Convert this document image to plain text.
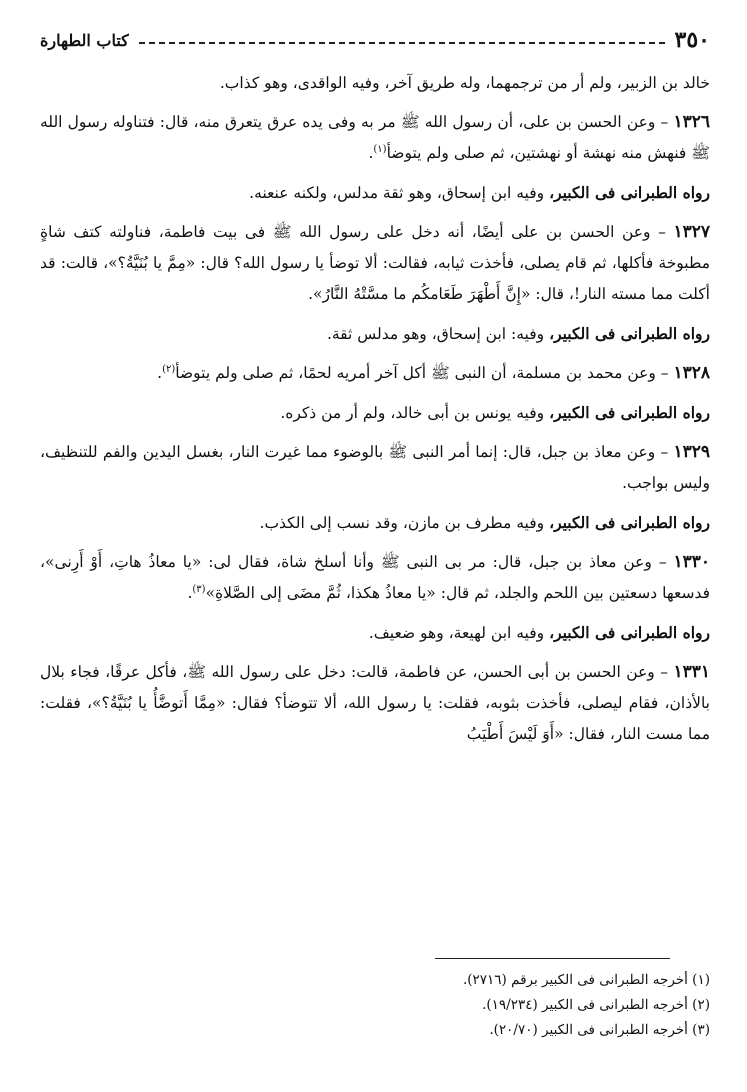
٣٥٠
كتاب الطهارة

خالد بن الزبير، ولم أر من ترجمهما، وله طريق آخر، وفيه الواقدى، وهو كذاب.

١٣٢٦ – وعن الحسن بن على، أن رسول الله ﷺ مر به وفى يده عرق يتعرق منه، قال: فتناوله رسول الله ﷺ فنهش منه نهشة أو نهشتين، ثم صلى ولم يتوضأ$^{(١)}$.

رواه الطبرانى فى الكبير، وفيه ابن إسحاق، وهو ثقة مدلس، ولكنه عنعنه.

١٣٢٧ – وعن الحسن بن على أيضًا، أنه دخل على رسول الله ﷺ فى بيت فاطمة، فناولته كتف شاةٍ مطبوخة فأكلها، ثم قام يصلى، فأخذت ثيابه، فقالت: ألا توضأ يا رسول الله؟ قال: «مِمَّ يا بُنَيَّةُ؟»، قالت: قد أكلت مما مسته النار!، قال: «إِنَّ أَطْهَرَ طَعَامكُم ما مسَّتْهُ النَّارُ».

رواه الطبرانى فى الكبير، وفيه: ابن إسحاق، وهو مدلس ثقة.

١٣٢٨ – وعن محمد بن مسلمة، أن النبى ﷺ أكل آخر أمريه لحمًا، ثم صلى ولم يتوضأ$^{(٢)}$.

رواه الطبرانى فى الكبير، وفيه يونس بن أبى خالد، ولم أر من ذكره.

١٣٢٩ – وعن معاذ بن جبل، قال: إنما أمر النبى ﷺ بالوضوء مما غيرت النار، بغسل اليدين والفم للتنظيف، وليس بواجب.

رواه الطبرانى فى الكبير، وفيه مطرف بن مازن، وقد نسب إلى الكذب.

١٣٣٠ – وعن معاذ بن جبل، قال: مر بى النبى ﷺ وأنا أسلخ شاة، فقال لى: «يا معاذُ هاتِ، أَوْ أَرِنى»، فدسعها دسعتين بين اللحم والجلد، ثم قال: «يا معاذُ هكذا، ثُمَّ مضَى إلى الصَّلاةِ»$^{(٣)}$.

رواه الطبرانى فى الكبير، وفيه ابن لهيعة، وهو ضعيف.

١٣٣١ – وعن الحسن بن أبى الحسن، عن فاطمة، قالت: دخل على رسول الله ﷺ، فأكل عرقًا، فجاء بلال بالأذان، فقام ليصلى، فأخذت بثوبه، فقلت: يا رسول الله، ألا تتوضأ؟ فقال: «مِمَّا أَتوضَّأُ يا بُنَيَّةُ؟»، فقلت: مما مست النار، فقال: «أَوَ لَيْسَ أَطْيَبُ

(١) أخرجه الطبرانى فى الكبير برقم (٢٧١٦).

(٢) أخرجه الطبرانى فى الكبير (١٩/٢٣٤).

(٣) أخرجه الطبرانى فى الكبير (٢٠/٧٠).
